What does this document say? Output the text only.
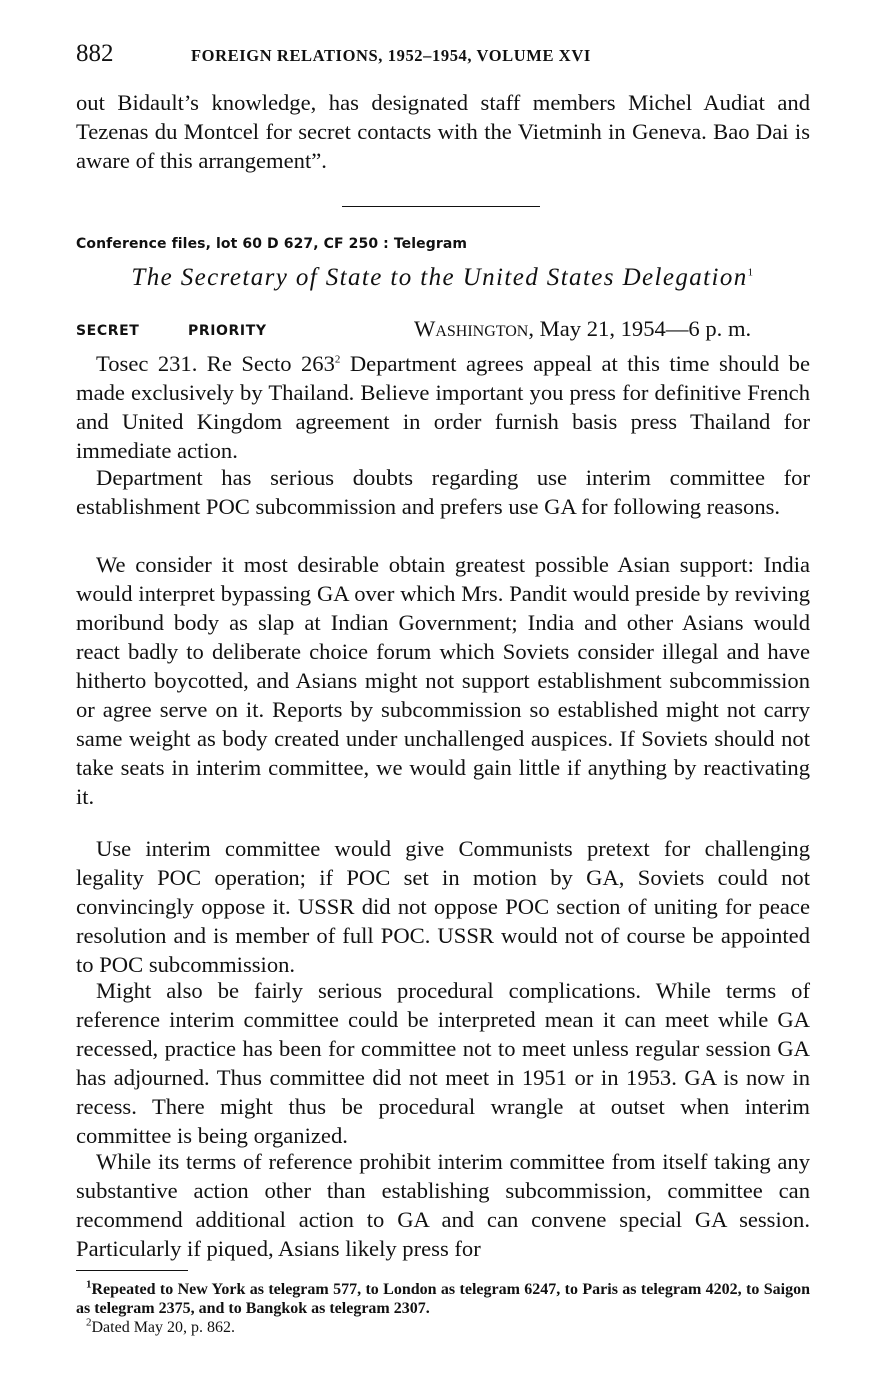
882	FOREIGN RELATIONS, 1952–1954, VOLUME XVI

out Bidault’s knowledge, has designated staff members Michel Audiat and Tezenas du Montcel for secret contacts with the Vietminh in Geneva. Bao Dai is aware of this arrangement”.

Conference files, lot 60 D 627, CF 250 : Telegram
The Secretary of State to the United States Delegation$^1$
SECRET	PRIORITY	Washington, May 21, 1954—6 p. m.

Tosec 231. Re Secto $263^2$ Department agrees appeal at this time should be made exclusively by Thailand. Believe important you press for definitive French and United Kingdom agreement in order furnish basis press Thailand for immediate action.

Department has serious doubts regarding use interim committee for establishment POC subcommission and prefers use GA for following reasons.

We consider it most desirable obtain greatest possible Asian support: India would interpret bypassing GA over which Mrs. Pandit would preside by reviving moribund body as slap at Indian Government; India and other Asians would react badly to deliberate choice forum which Soviets consider illegal and have hitherto boycotted, and Asians might not support establishment subcommission or agree serve on it. Reports by subcommission so established might not carry same weight as body created under unchallenged auspices. If Soviets should not take seats in interim committee, we would gain little if anything by reactivating it.

Use interim committee would give Communists pretext for challenging legality POC operation; if POC set in motion by GA, Soviets could not convincingly oppose it. USSR did not oppose POC section of uniting for peace resolution and is member of full POC. USSR would not of course be appointed to POC subcommission.

Might also be fairly serious procedural complications. While terms of reference interim committee could be interpreted mean it can meet while GA recessed, practice has been for committee not to meet unless regular session GA has adjourned. Thus committee did not meet in 1951 or in 1953. GA is now in recess. There might thus be procedural wrangle at outset when interim committee is being organized.

While its terms of reference prohibit interim committee from itself taking any substantive action other than establishing subcommission, committee can recommend additional action to GA and can convene special GA session. Particularly if piqued, Asians likely press for

$^1$Repeated to New York as telegram 577, to London as telegram 6247, to Paris as telegram 4202, to Saigon as telegram 2375, and to Bangkok as telegram 2307.

$^2$Dated May 20, p. 862.
